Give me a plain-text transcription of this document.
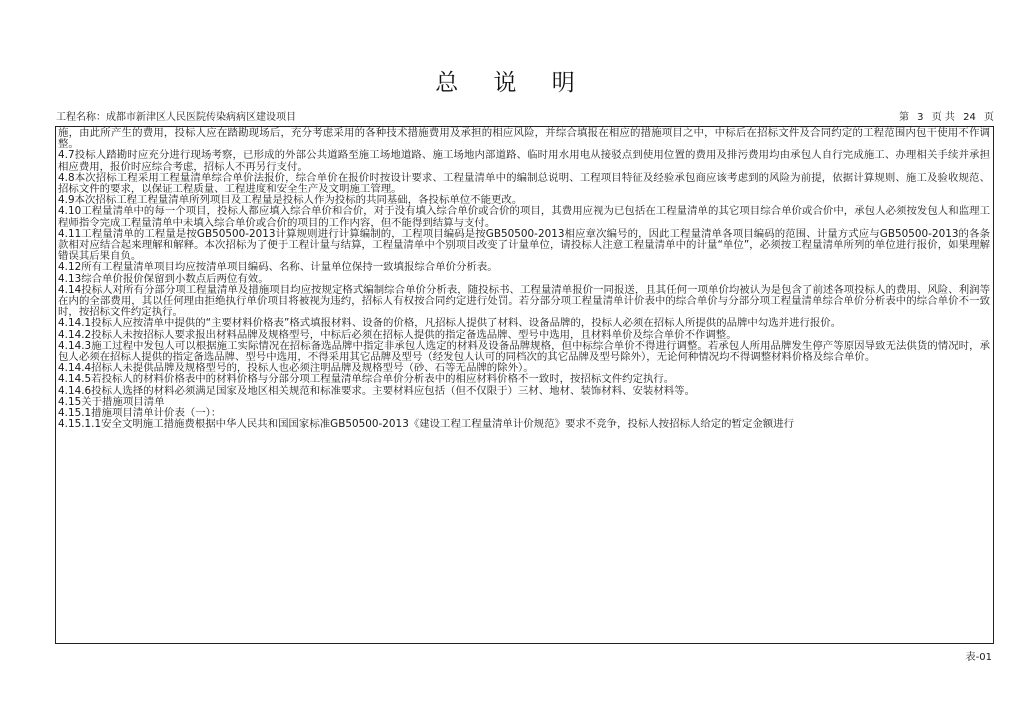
总 说 明
工程名称：成都市新津区人民医院传染病病区建设项目	第 3 页 共 24 页

施，由此所产生的费用，投标人应在踏勘现场后，充分考虑采用的各种技术措施费用及承担的相应风险，并综合填报在相应的措施项目之中，中标后在招标文件及合同约定的工程范围内包干使用不作调整。

4.7投标人踏勘时应充分进行现场考察，已形成的外部公共道路至施工场地道路、施工场地内部道路、临时用水用电从接驳点到使用位置的费用及排污费用均由承包人自行完成施工、办理相关手续并承担相应费用，报价时应综合考虑，招标人不再另行支付。

4.8本次招标工程采用工程量清单综合单价法报价，综合单价在报价时按设计要求、工程量清单中的编制总说明、工程项目特征及经验承包商应该考虑到的风险为前提，依据计算规则、施工及验收规范、招标文件的要求，以保证工程质量、工程进度和安全生产及文明施工管理。

4.9本次招标工程工程量清单所列项目及工程量是投标人作为投标的共同基础，各投标单位不能更改。

4.10工程量清单中的每一个项目，投标人都应填入综合单价和合价，对于没有填入综合单价或合价的项目，其费用应视为已包括在工程量清单的其它项目综合单价或合价中，承包人必须按发包人和监理工程师指令完成工程量清单中未填入综合单价或合价的项目的工作内容，但不能得到结算与支付。

4.11工程量清单的工程量是按GB50500-2013计算规则进行计算编制的，工程项目编码是按GB50500-2013相应章次编号的，因此工程量清单各项目编码的范围、计量方式应与GB50500-2013的各条款相对应结合起来理解和解释。本次招标为了便于工程计量与结算，工程量清单中个别项目改变了计量单位，请投标人注意工程量清单中的计量“单位”，必须按工程量清单所列的单位进行报价，如果理解错误其后果自负。

4.12所有工程量清单项目均应按清单项目编码、名称、计量单位保持一致填报综合单价分析表。

4.13综合单价报价保留到小数点后两位有效。

4.14投标人对所有分部分项工程量清单及措施项目均应按规定格式编制综合单价分析表，随投标书、工程量清单报价一同报送，且其任何一项单价均被认为是包含了前述各项投标人的费用、风险、利润等在内的全部费用，其以任何理由拒绝执行单价项目将被视为违约，招标人有权按合同约定进行处罚。若分部分项工程量清单计价表中的综合单价与分部分项工程量清单综合单价分析表中的综合单价不一致时，按招标文件约定执行。

4.14.1投标人应按清单中提供的“主要材料价格表”格式填报材料、设备的价格，凡招标人提供了材料、设备品牌的，投标人必须在招标人所提供的品牌中勾选并进行报价。

4.14.2投标人未按招标人要求报出材料品牌及规格型号，中标后必须在招标人提供的指定备选品牌、型号中选用，且材料单价及综合单价不作调整。

4.14.3施工过程中发包人可以根据施工实际情况在招标备选品牌中指定非承包人选定的材料及设备品牌规格，但中标综合单价不得进行调整。若承包人所用品牌发生停产等原因导致无法供货的情况时，承包人必须在招标人提供的指定备选品牌、型号中选用，不得采用其它品牌及型号（经发包人认可的同档次的其它品牌及型号除外），无论何种情况均不得调整材料价格及综合单价。

4.14.4招标人未提供品牌及规格型号的，投标人也必须注明品牌及规格型号（砂、石等无品牌的除外）。

4.14.5若投标人的材料价格表中的材料价格与分部分项工程量清单综合单价分析表中的相应材料价格不一致时，按招标文件约定执行。

4.14.6投标人选择的材料必须满足国家及地区相关规范和标准要求。主要材料应包括（但不仅限于）三材、地材、装饰材料、安装材料等。

4.15关于措施项目清单

4.15.1措施项目清单计价表（一）：

4.15.1.1安全文明施工措施费根据中华人民共和国国家标准GB50500-2013《建设工程工程量清单计价规范》要求不竞争，投标人按招标人给定的暂定金额进行

表-01
